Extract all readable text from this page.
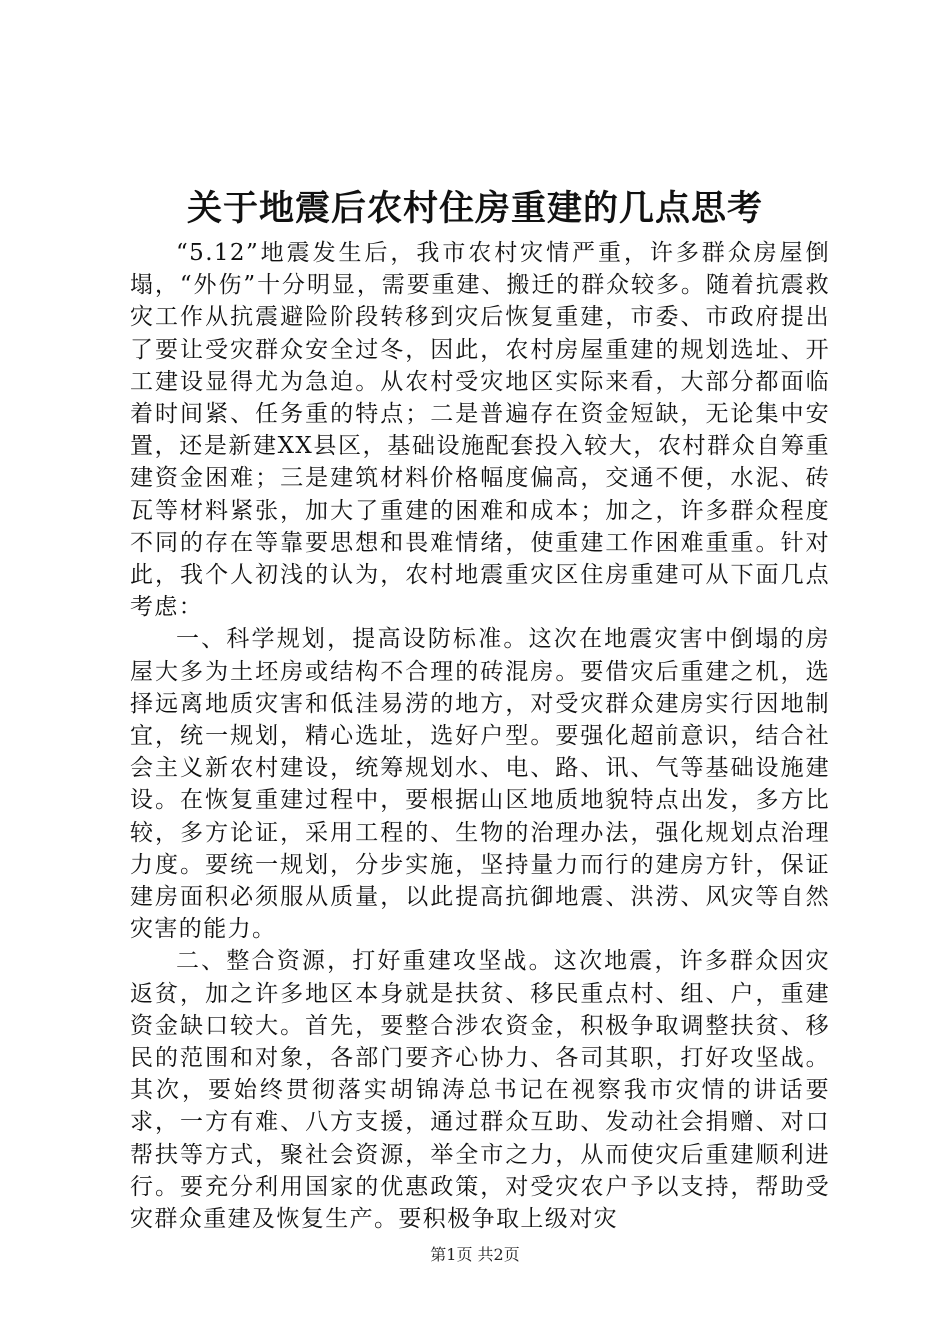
关于地震后农村住房重建的几点思考

“5.12”地震发生后，我市农村灾情严重，许多群众房屋倒塌，“外伤”十分明显，需要重建、搬迁的群众较多。随着抗震救灾工作从抗震避险阶段转移到灾后恢复重建，市委、市政府提出了要让受灾群众安全过冬，因此，农村房屋重建的规划选址、开工建设显得尤为急迫。从农村受灾地区实际来看，大部分都面临着时间紧、任务重的特点；二是普遍存在资金短缺，无论集中安置，还是新建XX县区，基础设施配套投入较大，农村群众自筹重建资金困难；三是建筑材料价格幅度偏高，交通不便，水泥、砖瓦等材料紧张，加大了重建的困难和成本；加之，许多群众程度不同的存在等靠要思想和畏难情绪，使重建工作困难重重。针对此，我个人初浅的认为，农村地震重灾区住房重建可从下面几点考虑：

一、科学规划，提高设防标准。这次在地震灾害中倒塌的房屋大多为土坯房或结构不合理的砖混房。要借灾后重建之机，选择远离地质灾害和低洼易涝的地方，对受灾群众建房实行因地制宜，统一规划，精心选址，选好户型。要强化超前意识，结合社会主义新农村建设，统筹规划水、电、路、讯、气等基础设施建设。在恢复重建过程中，要根据山区地质地貌特点出发，多方比较，多方论证，采用工程的、生物的治理办法，强化规划点治理力度。要统一规划，分步实施，坚持量力而行的建房方针，保证建房面积必须服从质量，以此提高抗御地震、洪涝、风灾等自然灾害的能力。

二、整合资源，打好重建攻坚战。这次地震，许多群众因灾返贫，加之许多地区本身就是扶贫、移民重点村、组、户，重建资金缺口较大。首先，要整合涉农资金，积极争取调整扶贫、移民的范围和对象，各部门要齐心协力、各司其职，打好攻坚战。其次，要始终贯彻落实胡锦涛总书记在视察我市灾情的讲话要求，一方有难、八方支援，通过群众互助、发动社会捐赠、对口帮扶等方式，聚社会资源，举全市之力，从而使灾后重建顺利进行。要充分利用国家的优惠政策，对受灾农户予以支持，帮助受灾群众重建及恢复生产。要积极争取上级对灾

第1页 共2页
